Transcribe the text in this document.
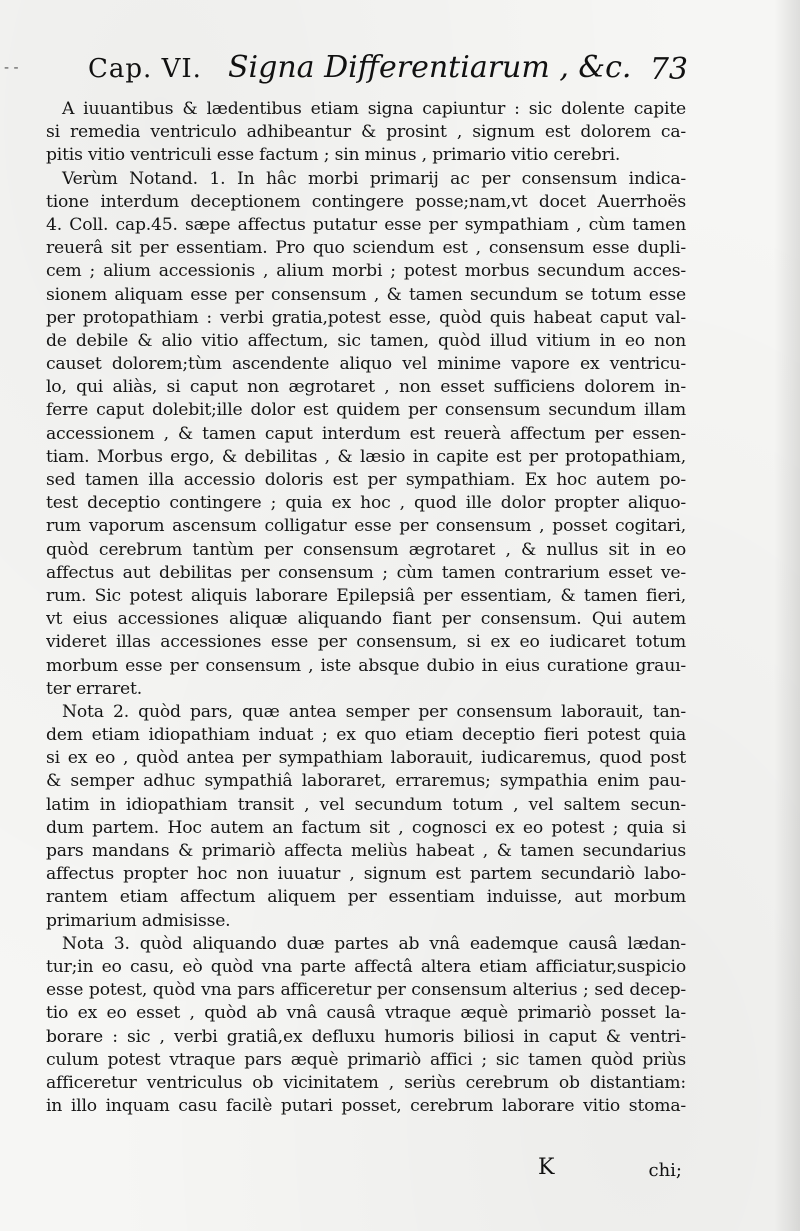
- -	Cap. VI. Signa Differentiarum , &c. 73
A iuuantibus & lædentibus etiam signa capiuntur : sic dolente capite
si remedia ventriculo adhibeantur & prosint , signum est dolorem ca-
pitis vitio ventriculi esse factum ; sin minus , primario vitio cerebri.
Verùm Notand. 1. In hâc morbi primarij ac per consensum indica-
tione interdum deceptionem contingere posse;nam,vt docet Auerrhoës
4. Coll. cap.45. sæpe affectus putatur esse per sympathiam , cùm tamen
reuerâ sit per essentiam. Pro quo sciendum est , consensum esse dupli-
cem ; alium accessionis , alium morbi ; potest morbus secundum acces-
sionem aliquam esse per consensum , & tamen secundum se totum esse
per protopathiam : verbi gratia,potest esse, quòd quis habeat caput val-
de debile & alio vitio affectum, sic tamen, quòd illud vitium in eo non
causet dolorem;tùm ascendente aliquo vel minime vapore ex ventricu-
lo, qui aliàs, si caput non ægrotaret , non esset sufficiens dolorem in-
ferre caput dolebit;ille dolor est quidem per consensum secundum illam
accessionem , & tamen caput interdum est reuerà affectum per essen-
tiam. Morbus ergo, & debilitas , & læsio in capite est per protopathiam,
sed tamen illa accessio doloris est per sympathiam. Ex hoc autem po-
test deceptio contingere ; quia ex hoc , quod ille dolor propter aliquo-
rum vaporum ascensum colligatur esse per consensum , posset cogitari,
quòd cerebrum tantùm per consensum ægrotaret , & nullus sit in eo
affectus aut debilitas per consensum ; cùm tamen contrarium esset ve-
rum. Sic potest aliquis laborare Epilepsiâ per essentiam, & tamen fieri,
vt eius accessiones aliquæ aliquando fiant per consensum. Qui autem
videret illas accessiones esse per consensum, si ex eo iudicaret totum
morbum esse per consensum , iste absque dubio in eius curatione grauı-
ter erraret.
Nota 2. quòd pars, quæ antea semper per consensum laborauit, tan-
dem etiam idiopathiam induat ; ex quo etiam deceptio fieri potest quia
si ex eo , quòd antea per sympathiam laborauit, iudicaremus, quod post
& semper adhuc sympathiâ laboraret, erraremus; sympathia enim pau-
latim in idiopathiam transit , vel secundum totum , vel saltem secun-
dum partem. Hoc autem an factum sit , cognosci ex eo potest ; quia si
pars mandans & primariò affecta meliùs habeat , & tamen secundarius
affectus propter hoc non iuuatur , signum est partem secundariò labo-
rantem etiam affectum aliquem per essentiam induisse, aut morbum
primarium admisisse.
Nota 3. quòd aliquando duæ partes ab vnâ eademque causâ lædan-
tur;in eo casu, eò quòd vna parte affectâ altera etiam afficiatur,suspicio
esse potest, quòd vna pars afficeretur per consensum alterius ; sed decep-
tio ex eo esset , quòd ab vnâ causâ vtraque æquè primariò posset la-
borare : sic , verbi gratiâ,ex defluxu humoris biliosi in caput & ventri-
culum potest vtraque pars æquè primariò affici ; sic tamen quòd priùs
afficeretur ventriculus ob vicinitatem , seriùs cerebrum ob distantiam:
in illo inquam casu facilè putari posset, cerebrum laborare vitio stoma-
K	chi;
